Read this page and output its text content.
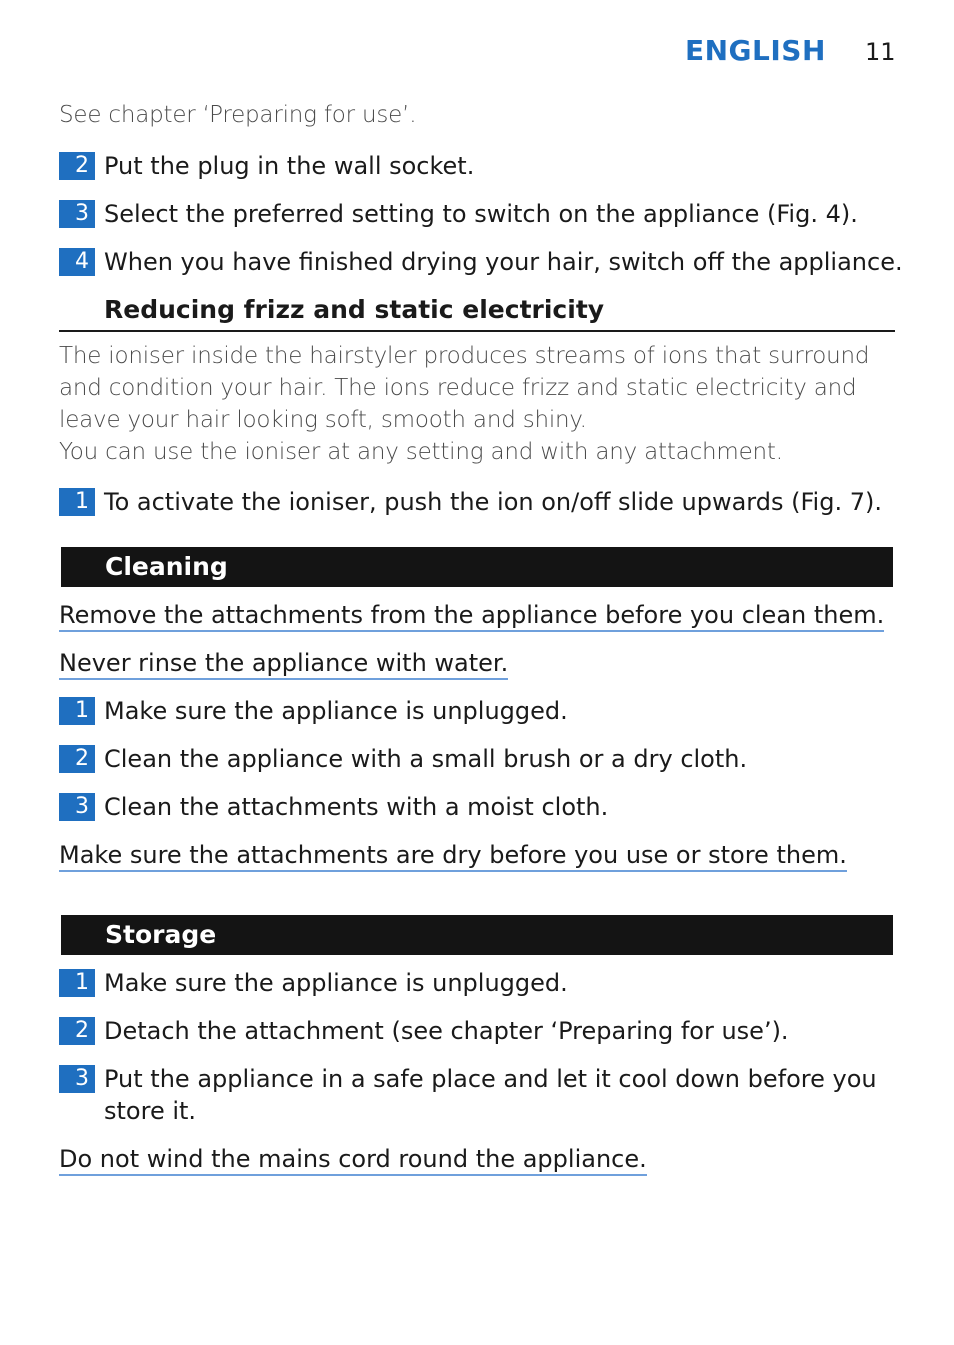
ENGLISH 11
See chapter ‘Preparing for use’.
2 Put the plug in the wall socket.
3 Select the preferred setting to switch on the appliance (Fig. 4).
4 When you have finished drying your hair, switch off the appliance.
Reducing frizz and static electricity
The ioniser inside the hairstyler produces streams of ions that surround
and condition your hair. The ions reduce frizz and static electricity and
leave your hair looking soft, smooth and shiny.
You can use the ioniser at any setting and with any attachment.
1 To activate the ioniser, push the ion on/off slide upwards (Fig. 7).
Cleaning
Remove the attachments from the appliance before you clean them.
Never rinse the appliance with water.
1 Make sure the appliance is unplugged.
2 Clean the appliance with a small brush or a dry cloth.
3 Clean the attachments with a moist cloth.
Make sure the attachments are dry before you use or store them.
Storage
1 Make sure the appliance is unplugged.
2 Detach the attachment (see chapter ‘Preparing for use’).
3 Put the appliance in a safe place and let it cool down before you
store it.
Do not wind the mains cord round the appliance.
